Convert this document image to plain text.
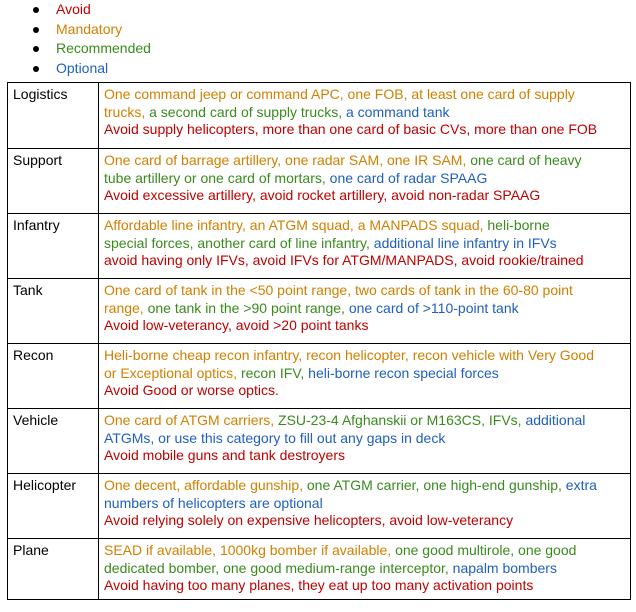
Avoid
Mandatory
Recommended
Optional
Logistics	One command jeep or command APC, one FOB, at least one card of supply
trucks, a second card of supply trucks, a command tank
Avoid supply helicopters, more than one card of basic CVs, more than one FOB

Support	One card of barrage artillery, one radar SAM, one IR SAM, one card of heavy
tube artillery or one card of mortars, one card of radar SPAAG
Avoid excessive artillery, avoid rocket artillery, avoid non-radar SPAAG

Infantry	Affordable line infantry, an ATGM squad, a MANPADS squad, heli-borne
special forces, another card of line infantry, additional line infantry in IFVs
avoid having only IFVs, avoid IFVs for ATGM/MANPADS, avoid rookie/trained

Tank	One card of tank in the <50 point range, two cards of tank in the 60-80 point
range, one tank in the >90 point range, one card of >110-point tank
Avoid low-veterancy, avoid >20 point tanks

Recon	Heli-borne cheap recon infantry, recon helicopter, recon vehicle with Very Good
or Exceptional optics, recon IFV, heli-borne recon special forces
Avoid Good or worse optics.

Vehicle	One card of ATGM carriers, ZSU-23-4 Afghanskii or M163CS, IFVs, additional
ATGMs, or use this category to fill out any gaps in deck
Avoid mobile guns and tank destroyers

Helicopter	One decent, affordable gunship, one ATGM carrier, one high-end gunship, extra
numbers of helicopters are optional
Avoid relying solely on expensive helicopters, avoid low-veterancy

Plane	SEAD if available, 1000kg bomber if available, one good multirole, one good
dedicated bomber, one good medium-range interceptor, napalm bombers
Avoid having too many planes, they eat up too many activation points
